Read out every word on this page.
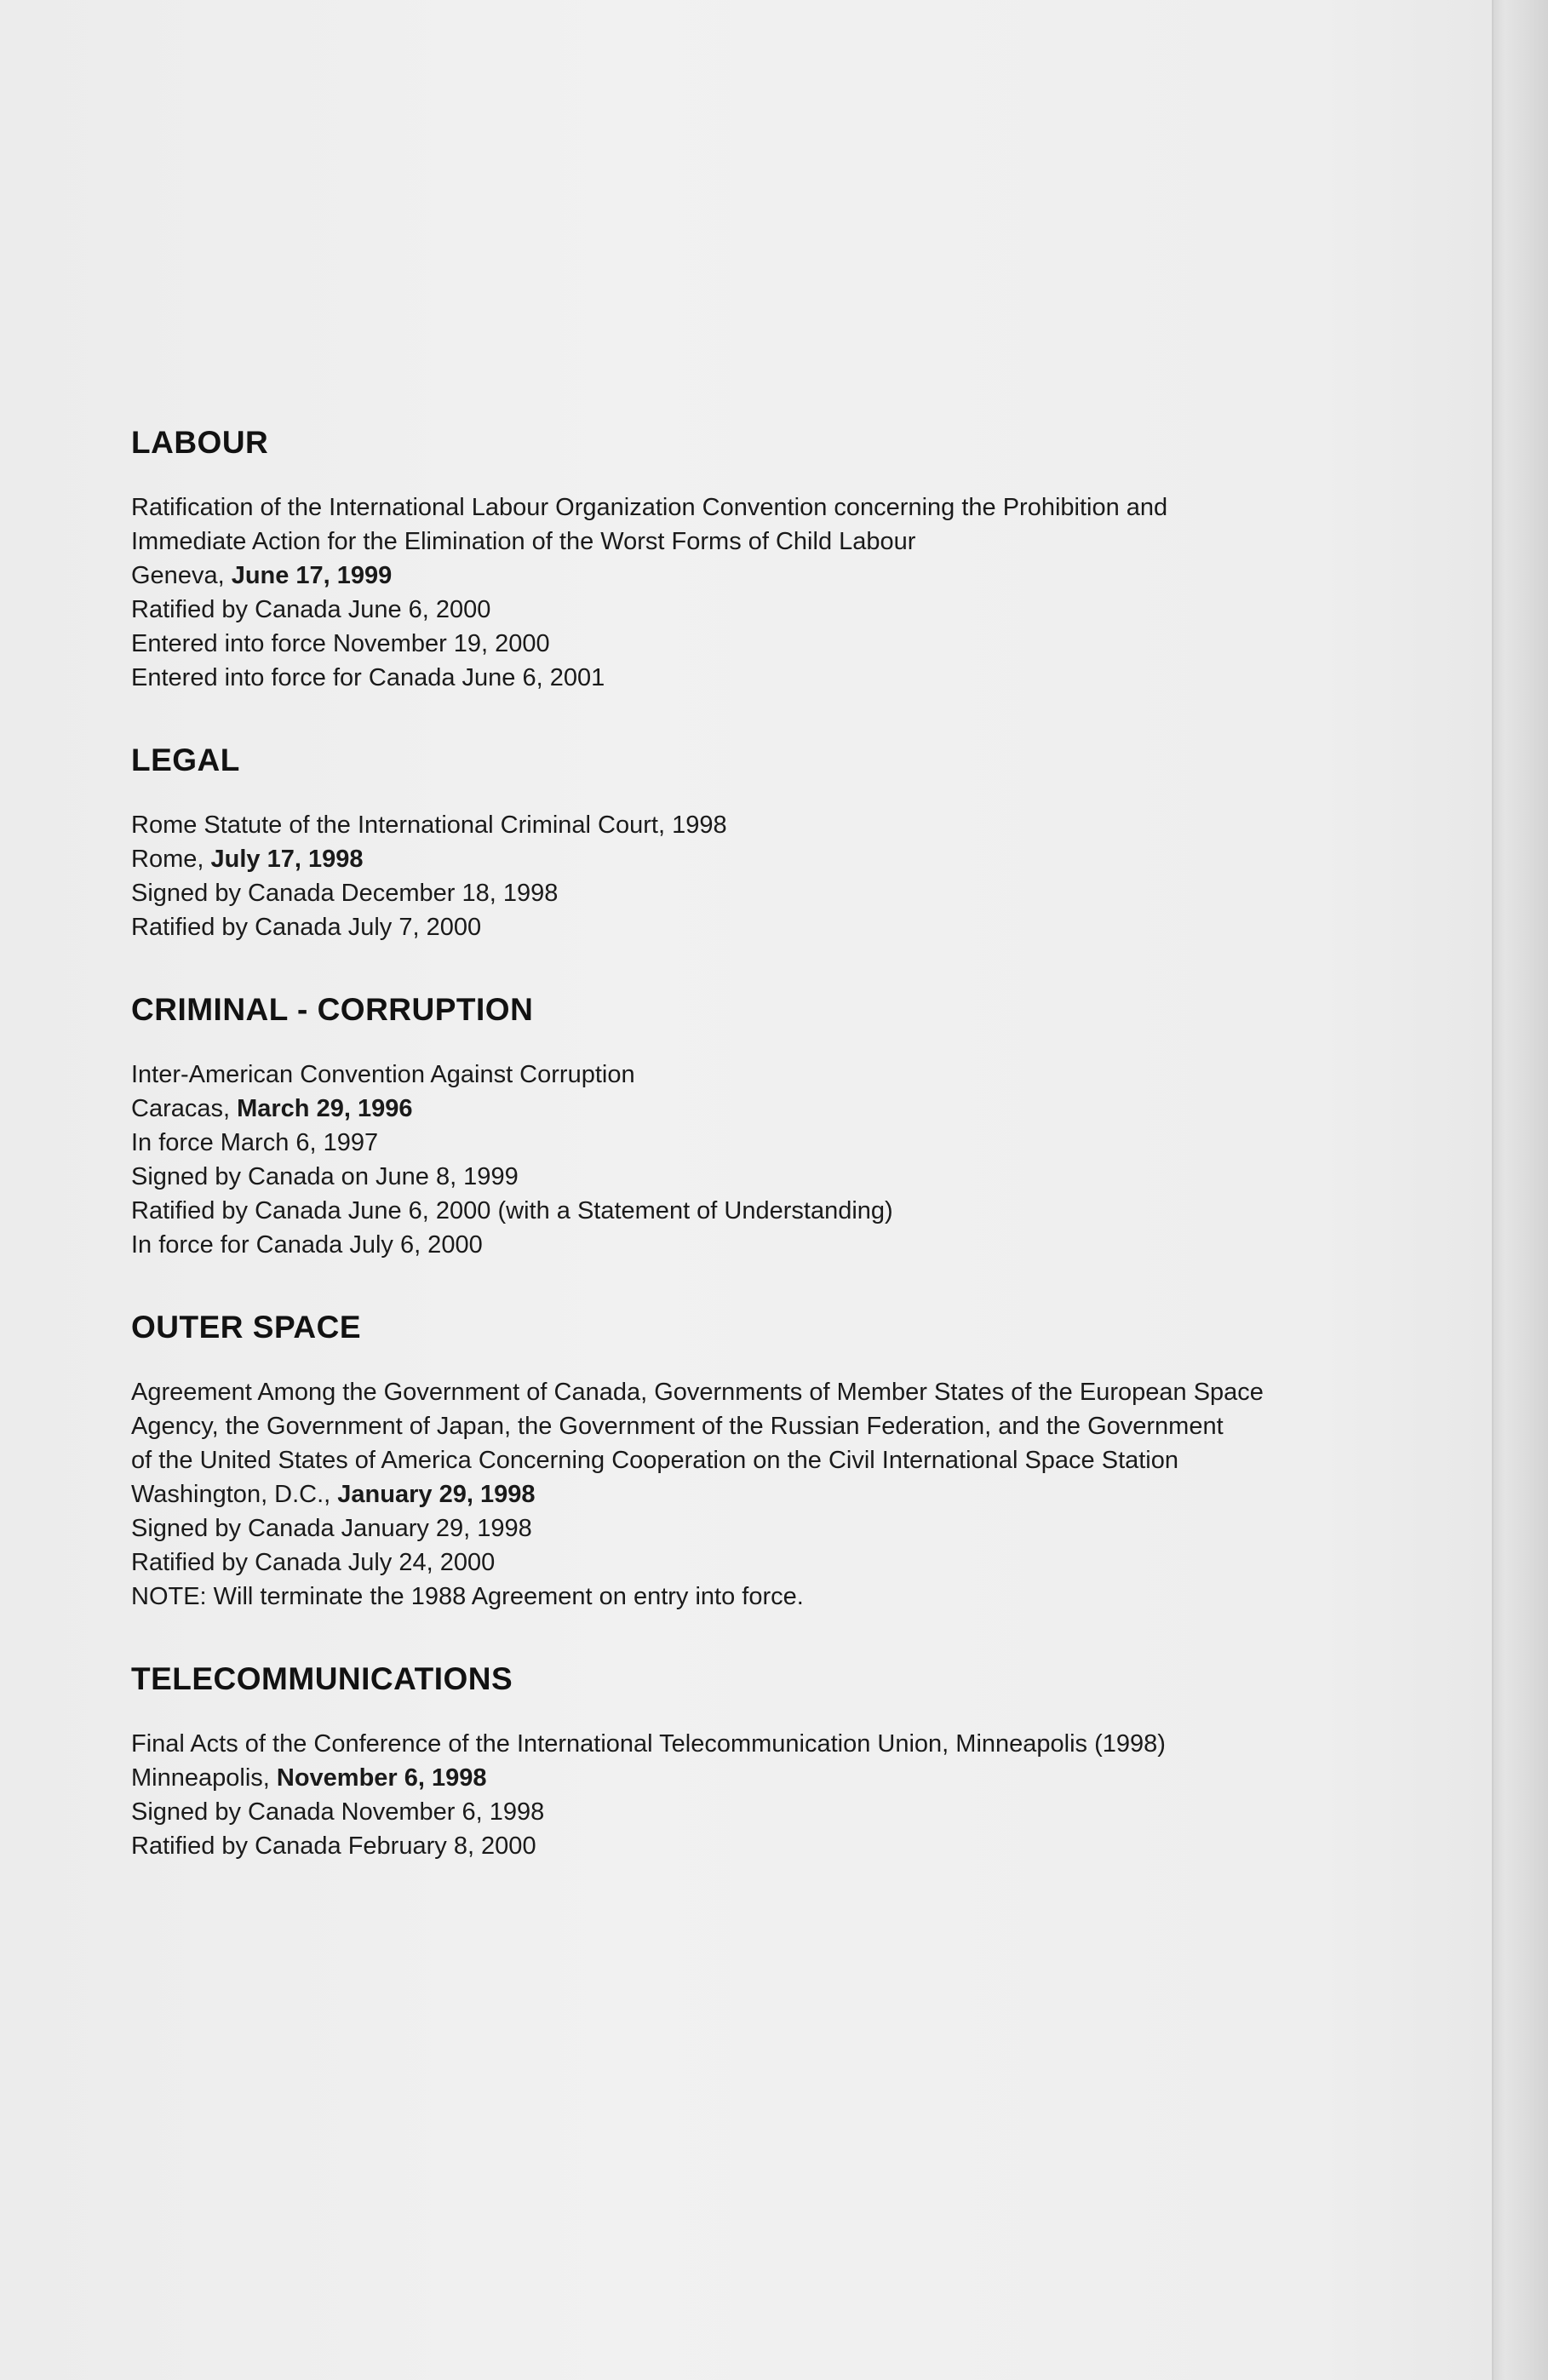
LABOUR

Ratification of the International Labour Organization Convention concerning the Prohibition and

Immediate Action for the Elimination of the Worst Forms of Child Labour

Geneva, June 17, 1999

Ratified by Canada June 6, 2000

Entered into force November 19, 2000

Entered into force for Canada June 6, 2001

LEGAL

Rome Statute of the International Criminal Court, 1998

Rome, July 17, 1998

Signed by Canada December 18, 1998

Ratified by Canada July 7, 2000

CRIMINAL - CORRUPTION

Inter-American Convention Against Corruption

Caracas, March 29, 1996

In force March 6, 1997

Signed by Canada on June 8, 1999

Ratified by Canada June 6, 2000 (with a Statement of Understanding)

In force for Canada July 6, 2000

OUTER SPACE

Agreement Among the Government of Canada, Governments of Member States of the European Space

Agency, the Government of Japan, the Government of the Russian Federation, and the Government

of the United States of America Concerning Cooperation on the Civil International Space Station

Washington, D.C., January 29, 1998

Signed by Canada January 29, 1998

Ratified by Canada July 24, 2000

NOTE: Will terminate the 1988 Agreement on entry into force.

TELECOMMUNICATIONS

Final Acts of the Conference of the International Telecommunication Union, Minneapolis (1998)

Minneapolis, November 6, 1998

Signed by Canada November 6, 1998

Ratified by Canada February 8, 2000
